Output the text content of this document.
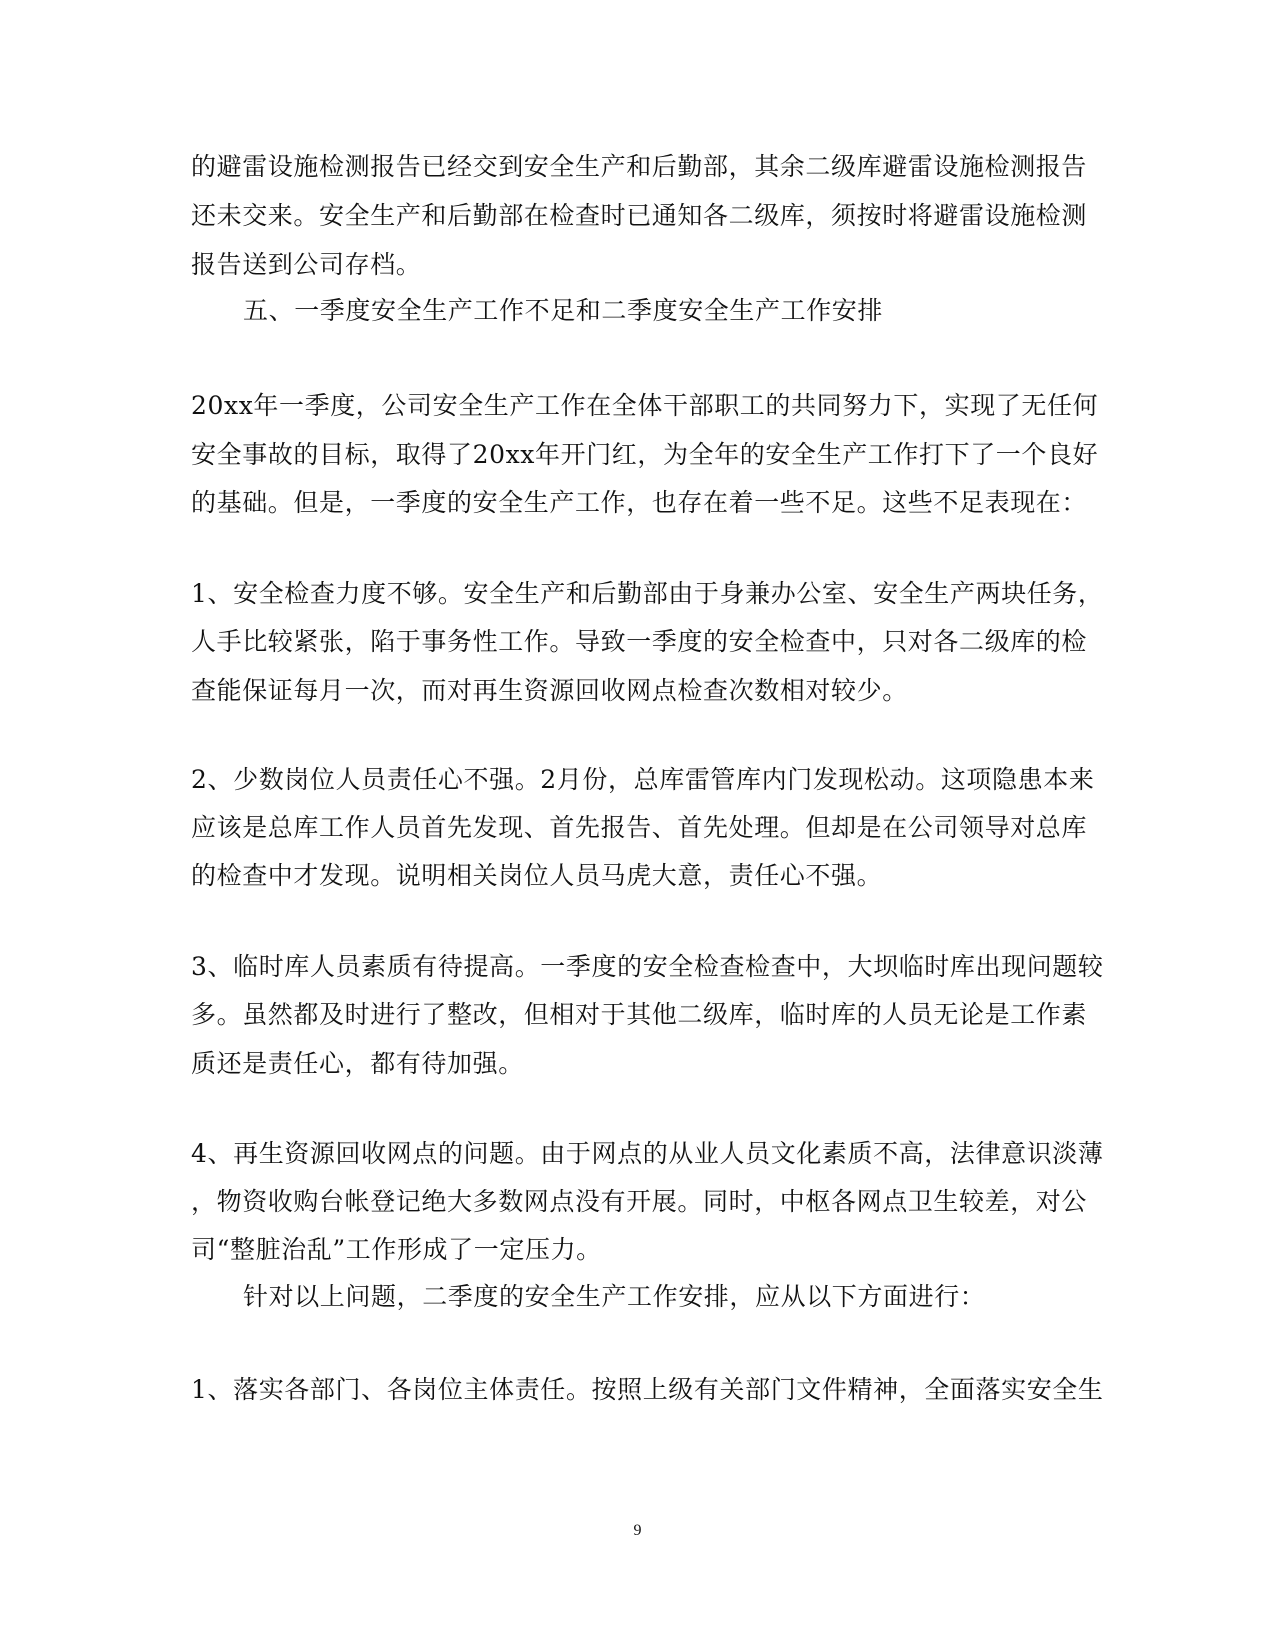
的避雷设施检测报告已经交到安全生产和后勤部，其余二级库避雷设施检测报告
还未交来。安全生产和后勤部在检查时已通知各二级库，须按时将避雷设施检测
报告送到公司存档。
五、一季度安全生产工作不足和二季度安全生产工作安排
20xx年一季度，公司安全生产工作在全体干部职工的共同努力下，实现了无任何
安全事故的目标，取得了20xx年开门红，为全年的安全生产工作打下了一个良好
的基础。但是，一季度的安全生产工作，也存在着一些不足。这些不足表现在：
1、安全检查力度不够。安全生产和后勤部由于身兼办公室、安全生产两块任务，
人手比较紧张，陷于事务性工作。导致一季度的安全检查中，只对各二级库的检
查能保证每月一次，而对再生资源回收网点检查次数相对较少。
2、少数岗位人员责任心不强。2月份，总库雷管库内门发现松动。这项隐患本来
应该是总库工作人员首先发现、首先报告、首先处理。但却是在公司领导对总库
的检查中才发现。说明相关岗位人员马虎大意，责任心不强。
3、临时库人员素质有待提高。一季度的安全检查检查中，大坝临时库出现问题较
多。虽然都及时进行了整改，但相对于其他二级库，临时库的人员无论是工作素
质还是责任心，都有待加强。
4、再生资源回收网点的问题。由于网点的从业人员文化素质不高，法律意识淡薄
，物资收购台帐登记绝大多数网点没有开展。同时，中枢各网点卫生较差，对公
司“整脏治乱”工作形成了一定压力。
针对以上问题，二季度的安全生产工作安排，应从以下方面进行：
1、落实各部门、各岗位主体责任。按照上级有关部门文件精神，全面落实安全生
9
